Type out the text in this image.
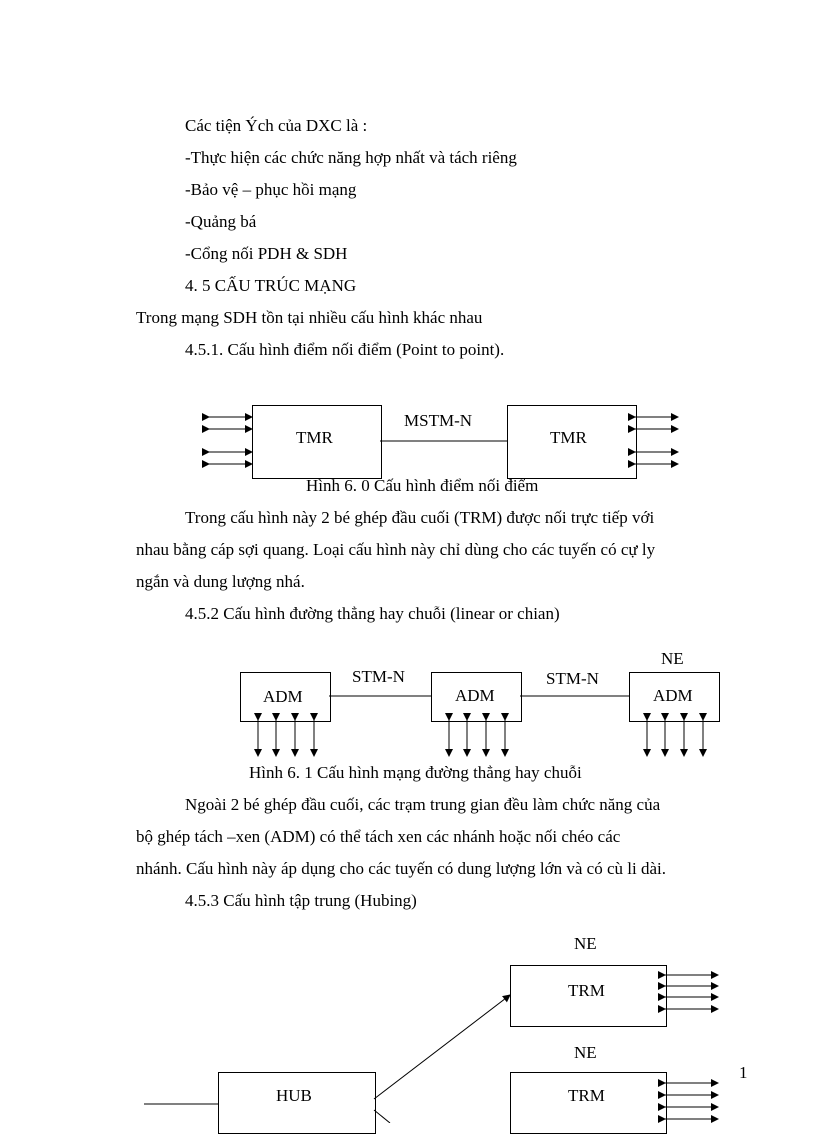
Các tiện Ých của DXC là :
-Thực hiện các chức năng hợp nhất và tách riêng
-Bảo vệ – phục hồi mạng
-Quảng bá
-Cổng nối PDH & SDH
4. 5 CẤU TRÚC MẠNG
Trong mạng SDH tồn tại nhiều cấu hình khác nhau
4.5.1. Cấu hình điểm nối điểm (Point to point).
TMR	TMR
MSTM-N
Hình 6. 0 Cấu hình điểm nối điểm
Trong cấu hình này 2 bé ghép đầu cuối (TRM) được nối trực tiếp với
nhau bằng cáp sợi quang. Loại cấu hình này chỉ dùng cho các tuyến có cự ly
ngắn và dung lượng nhá.
4.5.2 Cấu hình đường thẳng hay chuỗi (linear or chian)
NE
STM-N	STM-N
ADM	ADM	ADM
Hình 6. 1 Cấu hình mạng đường thẳng hay chuỗi
Ngoài 2 bé ghép đầu cuối, các trạm trung gian đều làm chức năng của
bộ ghép tách –xen (ADM) có thể tách xen các nhánh hoặc nối chéo các
nhánh. Cấu hình này áp dụng cho các tuyến có dung lượng lớn và có cù li dài.
4.5.3 Cấu hình tập trung (Hubing)
NE
TRM
NE
TRM
HUB
1
